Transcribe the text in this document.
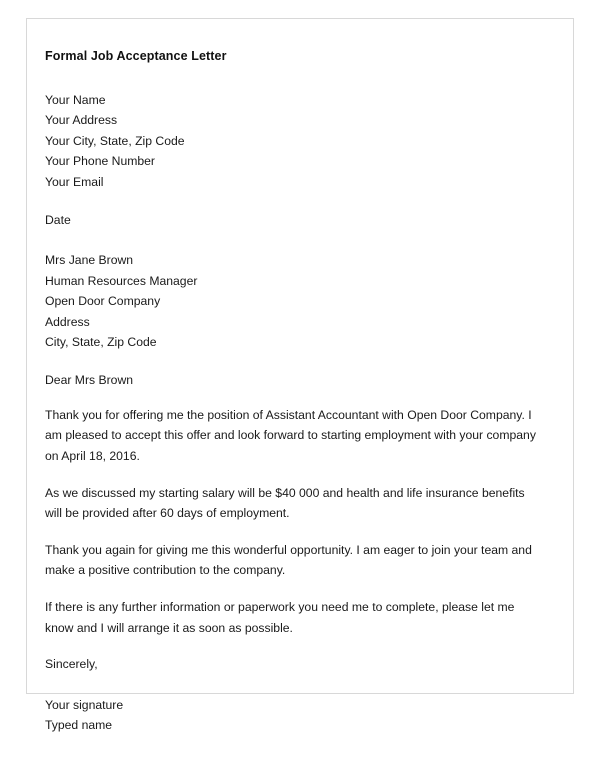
Formal Job Acceptance Letter
Your Name
Your Address
Your City, State, Zip Code
Your Phone Number
Your Email
Date
Mrs Jane Brown
Human Resources Manager
Open Door Company
Address
City, State, Zip Code
Dear Mrs Brown
Thank you for offering me the position of Assistant Accountant with Open Door Company. I am pleased to accept this offer and look forward to starting employment with your company on April 18, 2016.
As we discussed my starting salary will be $40 000 and health and life insurance benefits will be provided after 60 days of employment.
Thank you again for giving me this wonderful opportunity. I am eager to join your team and make a positive contribution to the company.
If there is any further information or paperwork you need me to complete, please let me know and I will arrange it as soon as possible.
Sincerely,
Your signature
Typed name
